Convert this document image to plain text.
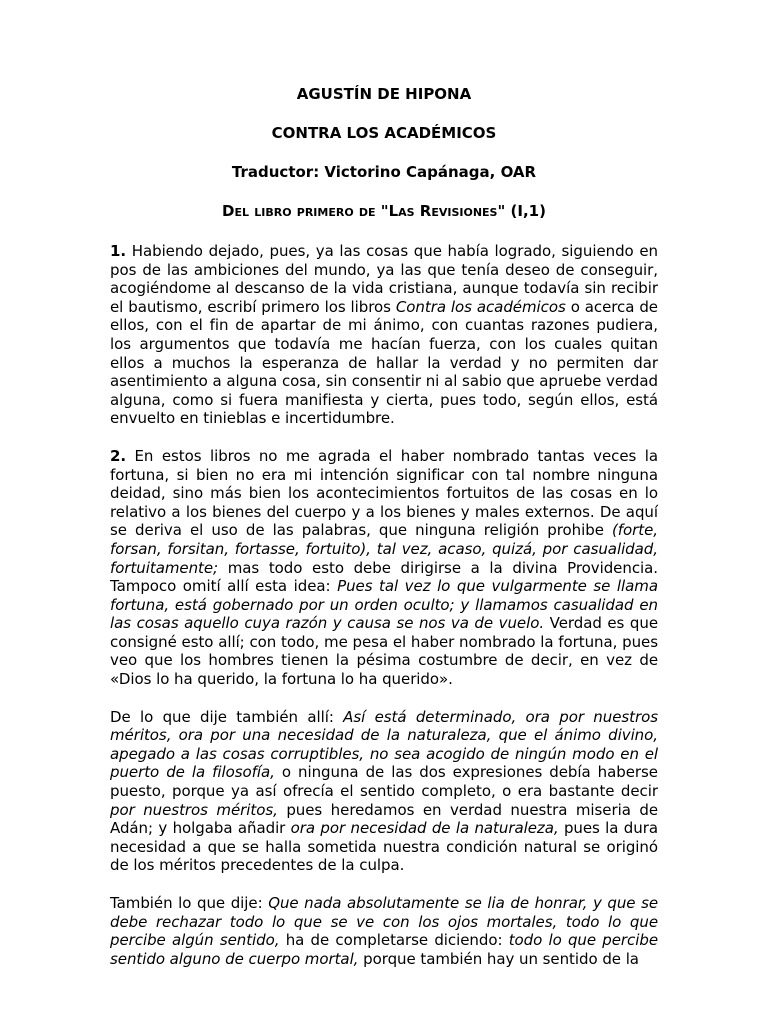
AGUSTÍN DE HIPONA
CONTRA LOS ACADÉMICOS
Traductor: Victorino Capánaga, OAR
Del libro primero de "Las Revisiones" (I,1)

1. Habiendo dejado, pues, ya las cosas que había logrado, siguiendo en pos de las ambiciones del mundo, ya las que tenía deseo de conseguir, acogiéndome al descanso de la vida cristiana, aunque todavía sin recibir el bautismo, escribí primero los libros Contra los académicos o acerca de ellos, con el fin de apartar de mi ánimo, con cuantas razones pudiera, los argumentos que todavía me hacían fuerza, con los cuales quitan ellos a muchos la esperanza de hallar la verdad y no permiten dar asentimiento a alguna cosa, sin consentir ni al sabio que apruebe verdad alguna, como si fuera manifiesta y cierta, pues todo, según ellos, está envuelto en tinieblas e incertidumbre.

2. En estos libros no me agrada el haber nombrado tantas veces la fortuna, si bien no era mi intención significar con tal nombre ninguna deidad, sino más bien los acontecimientos fortuitos de las cosas en lo relativo a los bienes del cuerpo y a los bienes y males externos. De aquí se deriva el uso de las palabras, que ninguna religión prohibe (forte, forsan, forsitan, fortasse, fortuito), tal vez, acaso, quizá, por casualidad, fortuitamente; mas todo esto debe dirigirse a la divina Providencia. Tampoco omití allí esta idea: Pues tal vez lo que vulgarmente se llama fortuna, está gobernado por un orden oculto; y llamamos casualidad en las cosas aquello cuya razón y causa se nos va de vuelo. Verdad es que consigné esto allí; con todo, me pesa el haber nombrado la fortuna, pues veo que los hombres tienen la pésima costumbre de decir, en vez de «Dios lo ha querido, la fortuna lo ha querido».

De lo que dije también allí: Así está determinado, ora por nuestros méritos, ora por una necesidad de la naturaleza, que el ánimo divino, apegado a las cosas corruptibles, no sea acogido de ningún modo en el puerto de la filosofía, o ninguna de las dos expresiones debía haberse puesto, porque ya así ofrecía el sentido completo, o era bastante decir por nuestros méritos, pues heredamos en verdad nuestra miseria de Adán; y holgaba añadir ora por necesidad de la naturaleza, pues la dura necesidad a que se halla sometida nuestra condición natural se originó de los méritos precedentes de la culpa.

También lo que dije: Que nada absolutamente se lia de honrar, y que se debe rechazar todo lo que se ve con los ojos mortales, todo lo que percibe algún sentido, ha de completarse diciendo: todo lo que percibe sentido alguno de cuerpo mortal, porque también hay un sentido de la
